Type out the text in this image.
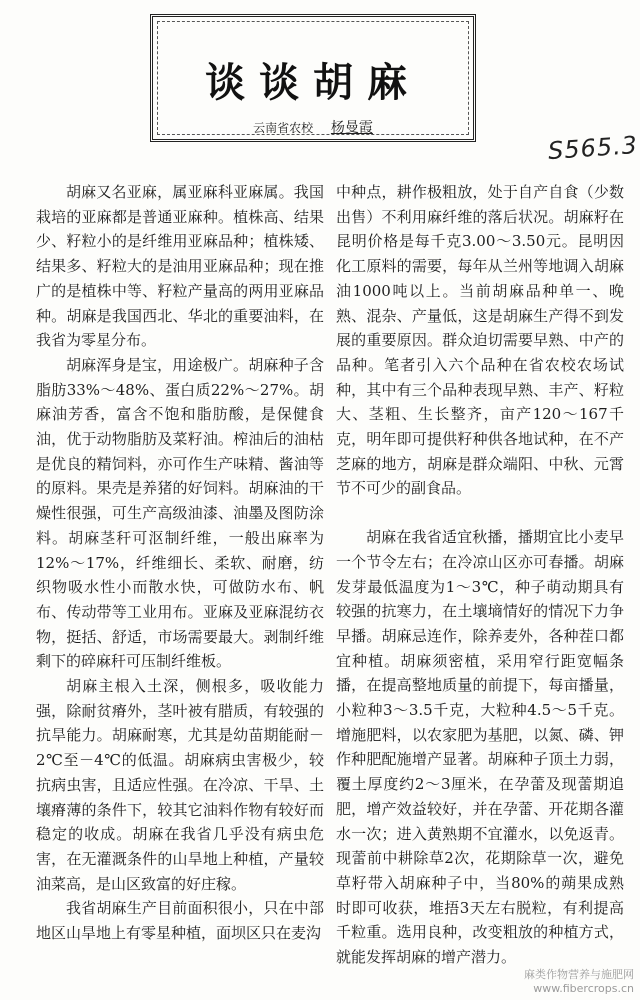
谈谈胡麻
云南省农校 杨曼霞
S565.3

胡麻又名亚麻，属亚麻科亚麻属。我国栽培的亚麻都是普通亚麻种。植株高、结果少、籽粒小的是纤维用亚麻品种；植株矮、结果多、籽粒大的是油用亚麻品种；现在推广的是植株中等、籽粒产量高的两用亚麻品种。胡麻是我国西北、华北的重要油料，在我省为零星分布。

胡麻浑身是宝，用途极广。胡麻种子含脂肪33%～48%、蛋白质22%～27%。胡麻油芳香，富含不饱和脂肪酸，是保健食油，优于动物脂肪及菜籽油。榨油后的油枯是优良的精饲料，亦可作生产味精、酱油等的原料。果壳是养猪的好饲料。胡麻油的干燥性很强，可生产高级油漆、油墨及图防涂料。胡麻茎秆可沤制纤维，一般出麻率为12%～17%，纤维细长、柔软、耐磨，纺织物吸水性小而散水快，可做防水布、帆布、传动带等工业用布。亚麻及亚麻混纺衣物，挺括、舒适，市场需要最大。剥制纤维剩下的碎麻秆可压制纤维板。

胡麻主根入土深，侧根多，吸收能力强，除耐贫瘠外，茎叶被有腊质，有较强的抗旱能力。胡麻耐寒，尤其是幼苗期能耐－2℃至－4℃的低温。胡麻病虫害极少，较抗病虫害，且适应性强。在冷凉、干旱、土壤瘠薄的条件下，较其它油料作物有较好而稳定的收成。胡麻在我省几乎没有病虫危害，在无灌溉条件的山旱地上种植，产量较油菜高，是山区致富的好庄稼。

我省胡麻生产目前面积很小，只在中部地区山旱地上有零星种植，面坝区只在麦沟

中种点，耕作极粗放，处于自产自食（少数出售）不利用麻纤维的落后状况。胡麻籽在昆明价格是每千克3.00～3.50元。昆明因化工原料的需要，每年从兰州等地调入胡麻油1000吨以上。当前胡麻品种单一、晚熟、混杂、产量低，这是胡麻生产得不到发展的重要原因。群众迫切需要早熟、中产的品种。笔者引入六个品种在省农校农场试种，其中有三个品种表现早熟、丰产、籽粒大、茎粗、生长整齐，亩产120～167千克，明年即可提供籽种供各地试种，在不产芝麻的地方，胡麻是群众端阳、中秋、元霄节不可少的副食品。

胡麻在我省适宜秋播，播期宜比小麦早一个节令左右；在冷凉山区亦可春播。胡麻发芽最低温度为1～3℃，种子萌动期具有较强的抗寒力，在土壤墒情好的情况下力争早播。胡麻忌连作，除养麦外，各种茬口都宜种植。胡麻须密植，采用窄行距宽幅条播，在提高整地质量的前提下，每亩播量，小粒种3～3.5千克，大粒种4.5～5千克。增施肥料，以农家肥为基肥，以氮、磷、钾作种肥配施增产显著。胡麻种子顶土力弱，覆土厚度约2～3厘米，在孕蕾及现蕾期追肥，增产效益较好，并在孕蕾、开花期各灌水一次；进入黄熟期不宜灌水，以免返青。现蕾前中耕除草2次，花期除草一次，避免草籽带入胡麻种子中，当80%的蒴果成熟时即可收获，堆捂3天左右脱粒，有利提高千粒重。选用良种，改变粗放的种植方式，就能发挥胡麻的增产潜力。

麻类作物营养与施肥网
www.fibercrops.cn
